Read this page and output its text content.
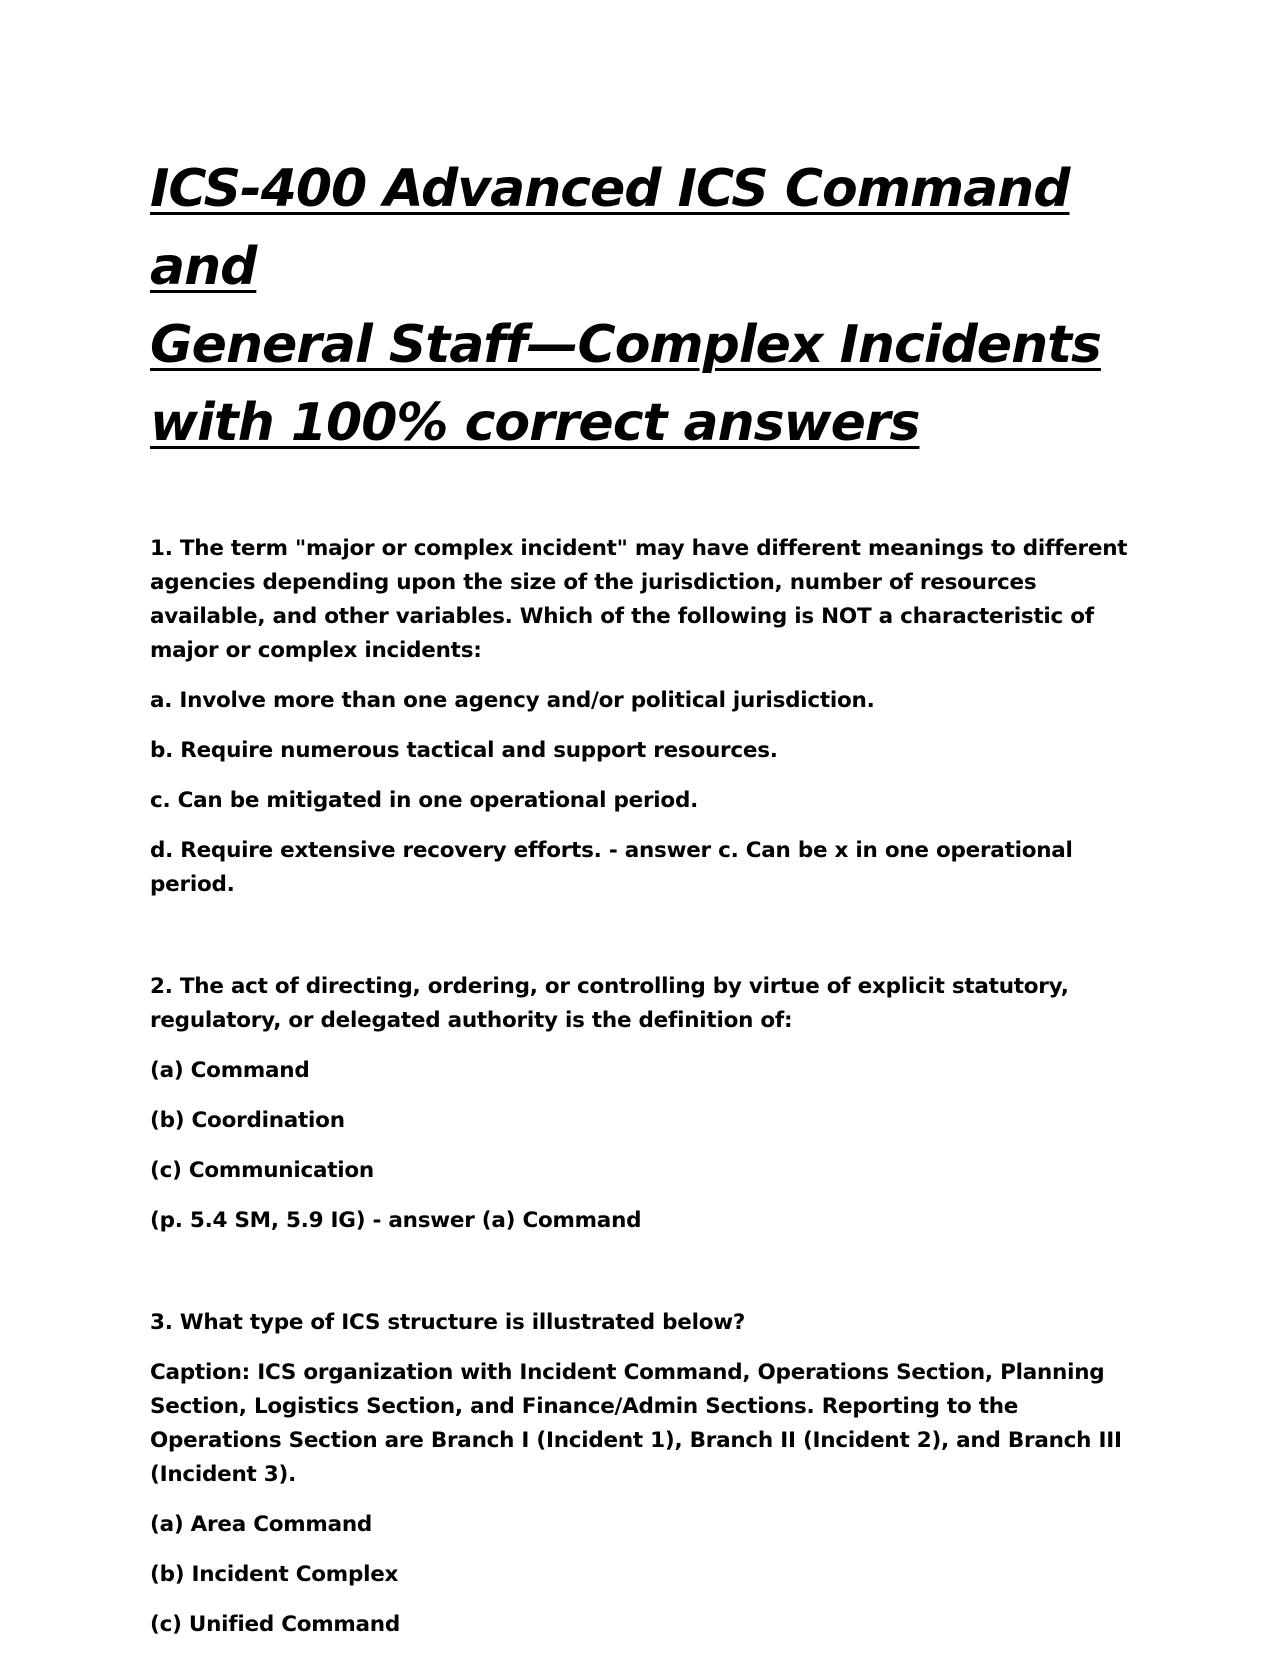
ICS-400 Advanced ICS Command and
General Staff—Complex Incidents
with 100% correct answers

1. The term "major or complex incident" may have different meanings to different agencies depending upon the size of the jurisdiction, number of resources available, and other variables. Which of the following is NOT a characteristic of major or complex incidents:

a. Involve more than one agency and/or political jurisdiction.

b. Require numerous tactical and support resources.

c. Can be mitigated in one operational period.

d. Require extensive recovery efforts. - answer c. Can be x in one operational period.

2. The act of directing, ordering, or controlling by virtue of explicit statutory, regulatory, or delegated authority is the definition of:

(a) Command

(b) Coordination

(c) Communication

(p. 5.4 SM, 5.9 IG) - answer (a) Command

3. What type of ICS structure is illustrated below?

Caption: ICS organization with Incident Command, Operations Section, Planning Section, Logistics Section, and Finance/Admin Sections. Reporting to the Operations Section are Branch I (Incident 1), Branch II (Incident 2), and Branch III (Incident 3).

(a) Area Command

(b) Incident Complex

(c) Unified Command
